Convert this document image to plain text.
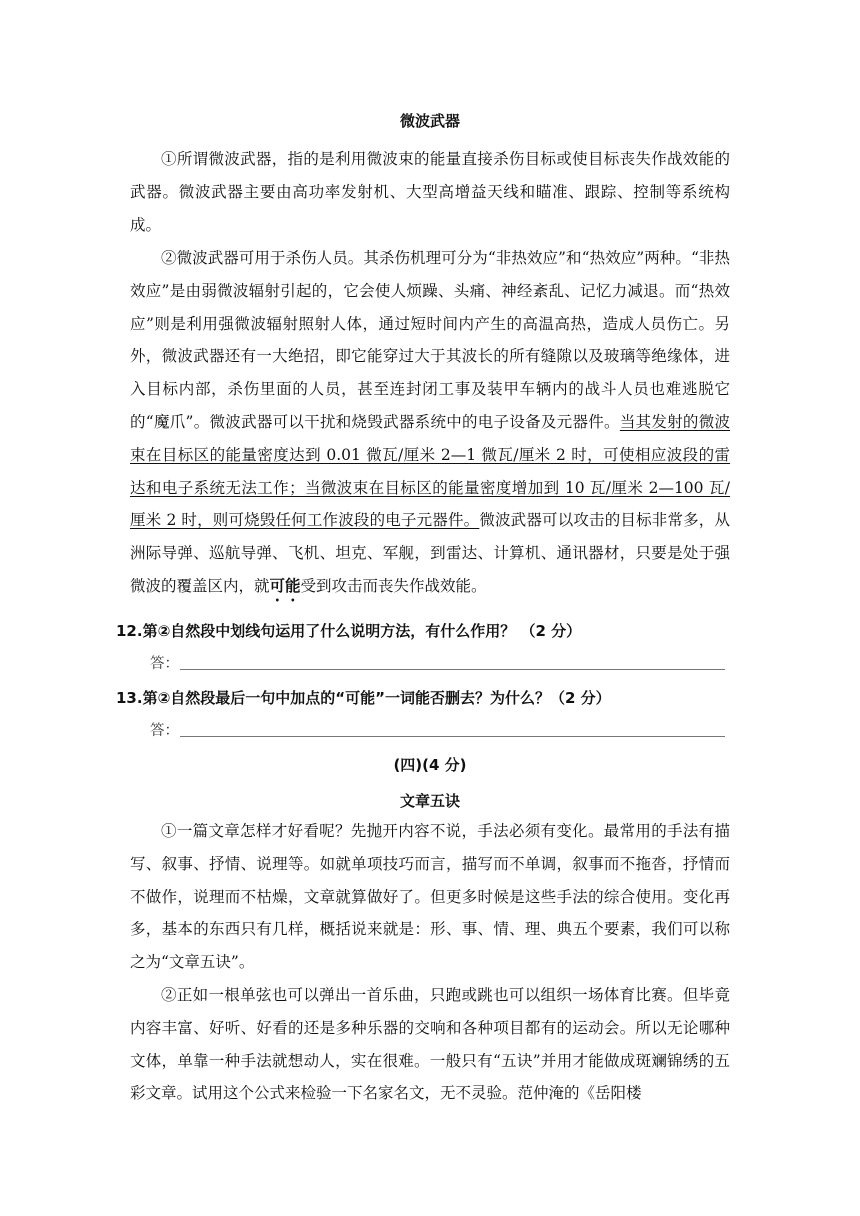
微波武器

①所谓微波武器，指的是利用微波束的能量直接杀伤目标或使目标丧失作战效能的武器。微波武器主要由高功率发射机、大型高增益天线和瞄准、跟踪、控制等系统构成。

②微波武器可用于杀伤人员。其杀伤机理可分为“非热效应”和“热效应”两种。“非热效应”是由弱微波辐射引起的，它会使人烦躁、头痛、神经紊乱、记忆力减退。而“热效应”则是利用强微波辐射照射人体，通过短时间内产生的高温高热，造成人员伤亡。另外，微波武器还有一大绝招，即它能穿过大于其波长的所有缝隙以及玻璃等绝缘体，进入目标内部，杀伤里面的人员，甚至连封闭工事及装甲车辆内的战斗人员也难逃脱它的“魔爪”。微波武器可以干扰和烧毁武器系统中的电子设备及元器件。当其发射的微波束在目标区的能量密度达到 0.01 微瓦/厘米 2—1 微瓦/厘米 2 时，可使相应波段的雷达和电子系统无法工作；当微波束在目标区的能量密度增加到 10 瓦/厘米 2—100 瓦/厘米 2 时，则可烧毁任何工作波段的电子元器件。微波武器可以攻击的目标非常多，从洲际导弹、巡航导弹、飞机、坦克、军舰，到雷达、计算机、通讯器材，只要是处于强微波的覆盖区内，就可能受到攻击而丧失作战效能。

12.第②自然段中划线句运用了什么说明方法，有什么作用？ （2 分）
答：
13.第②自然段最后一句中加点的“可能”一词能否删去？为什么？（2 分）
答：
(四)(4 分)
文章五诀

①一篇文章怎样才好看呢？先抛开内容不说，手法必须有变化。最常用的手法有描写、叙事、抒情、说理等。如就单项技巧而言，描写而不单调，叙事而不拖沓，抒情而不做作，说理而不枯燥，文章就算做好了。但更多时候是这些手法的综合使用。变化再多，基本的东西只有几样，概括说来就是：形、事、情、理、典五个要素，我们可以称之为“文章五诀”。

②正如一根单弦也可以弹出一首乐曲，只跑或跳也可以组织一场体育比赛。但毕竟内容丰富、好听、好看的还是多种乐器的交响和各种项目都有的运动会。所以无论哪种文体，单靠一种手法就想动人，实在很难。一般只有“五诀”并用才能做成斑斓锦绣的五彩文章。试用这个公式来检验一下名家名文，无不灵验。范仲淹的《岳阳楼
